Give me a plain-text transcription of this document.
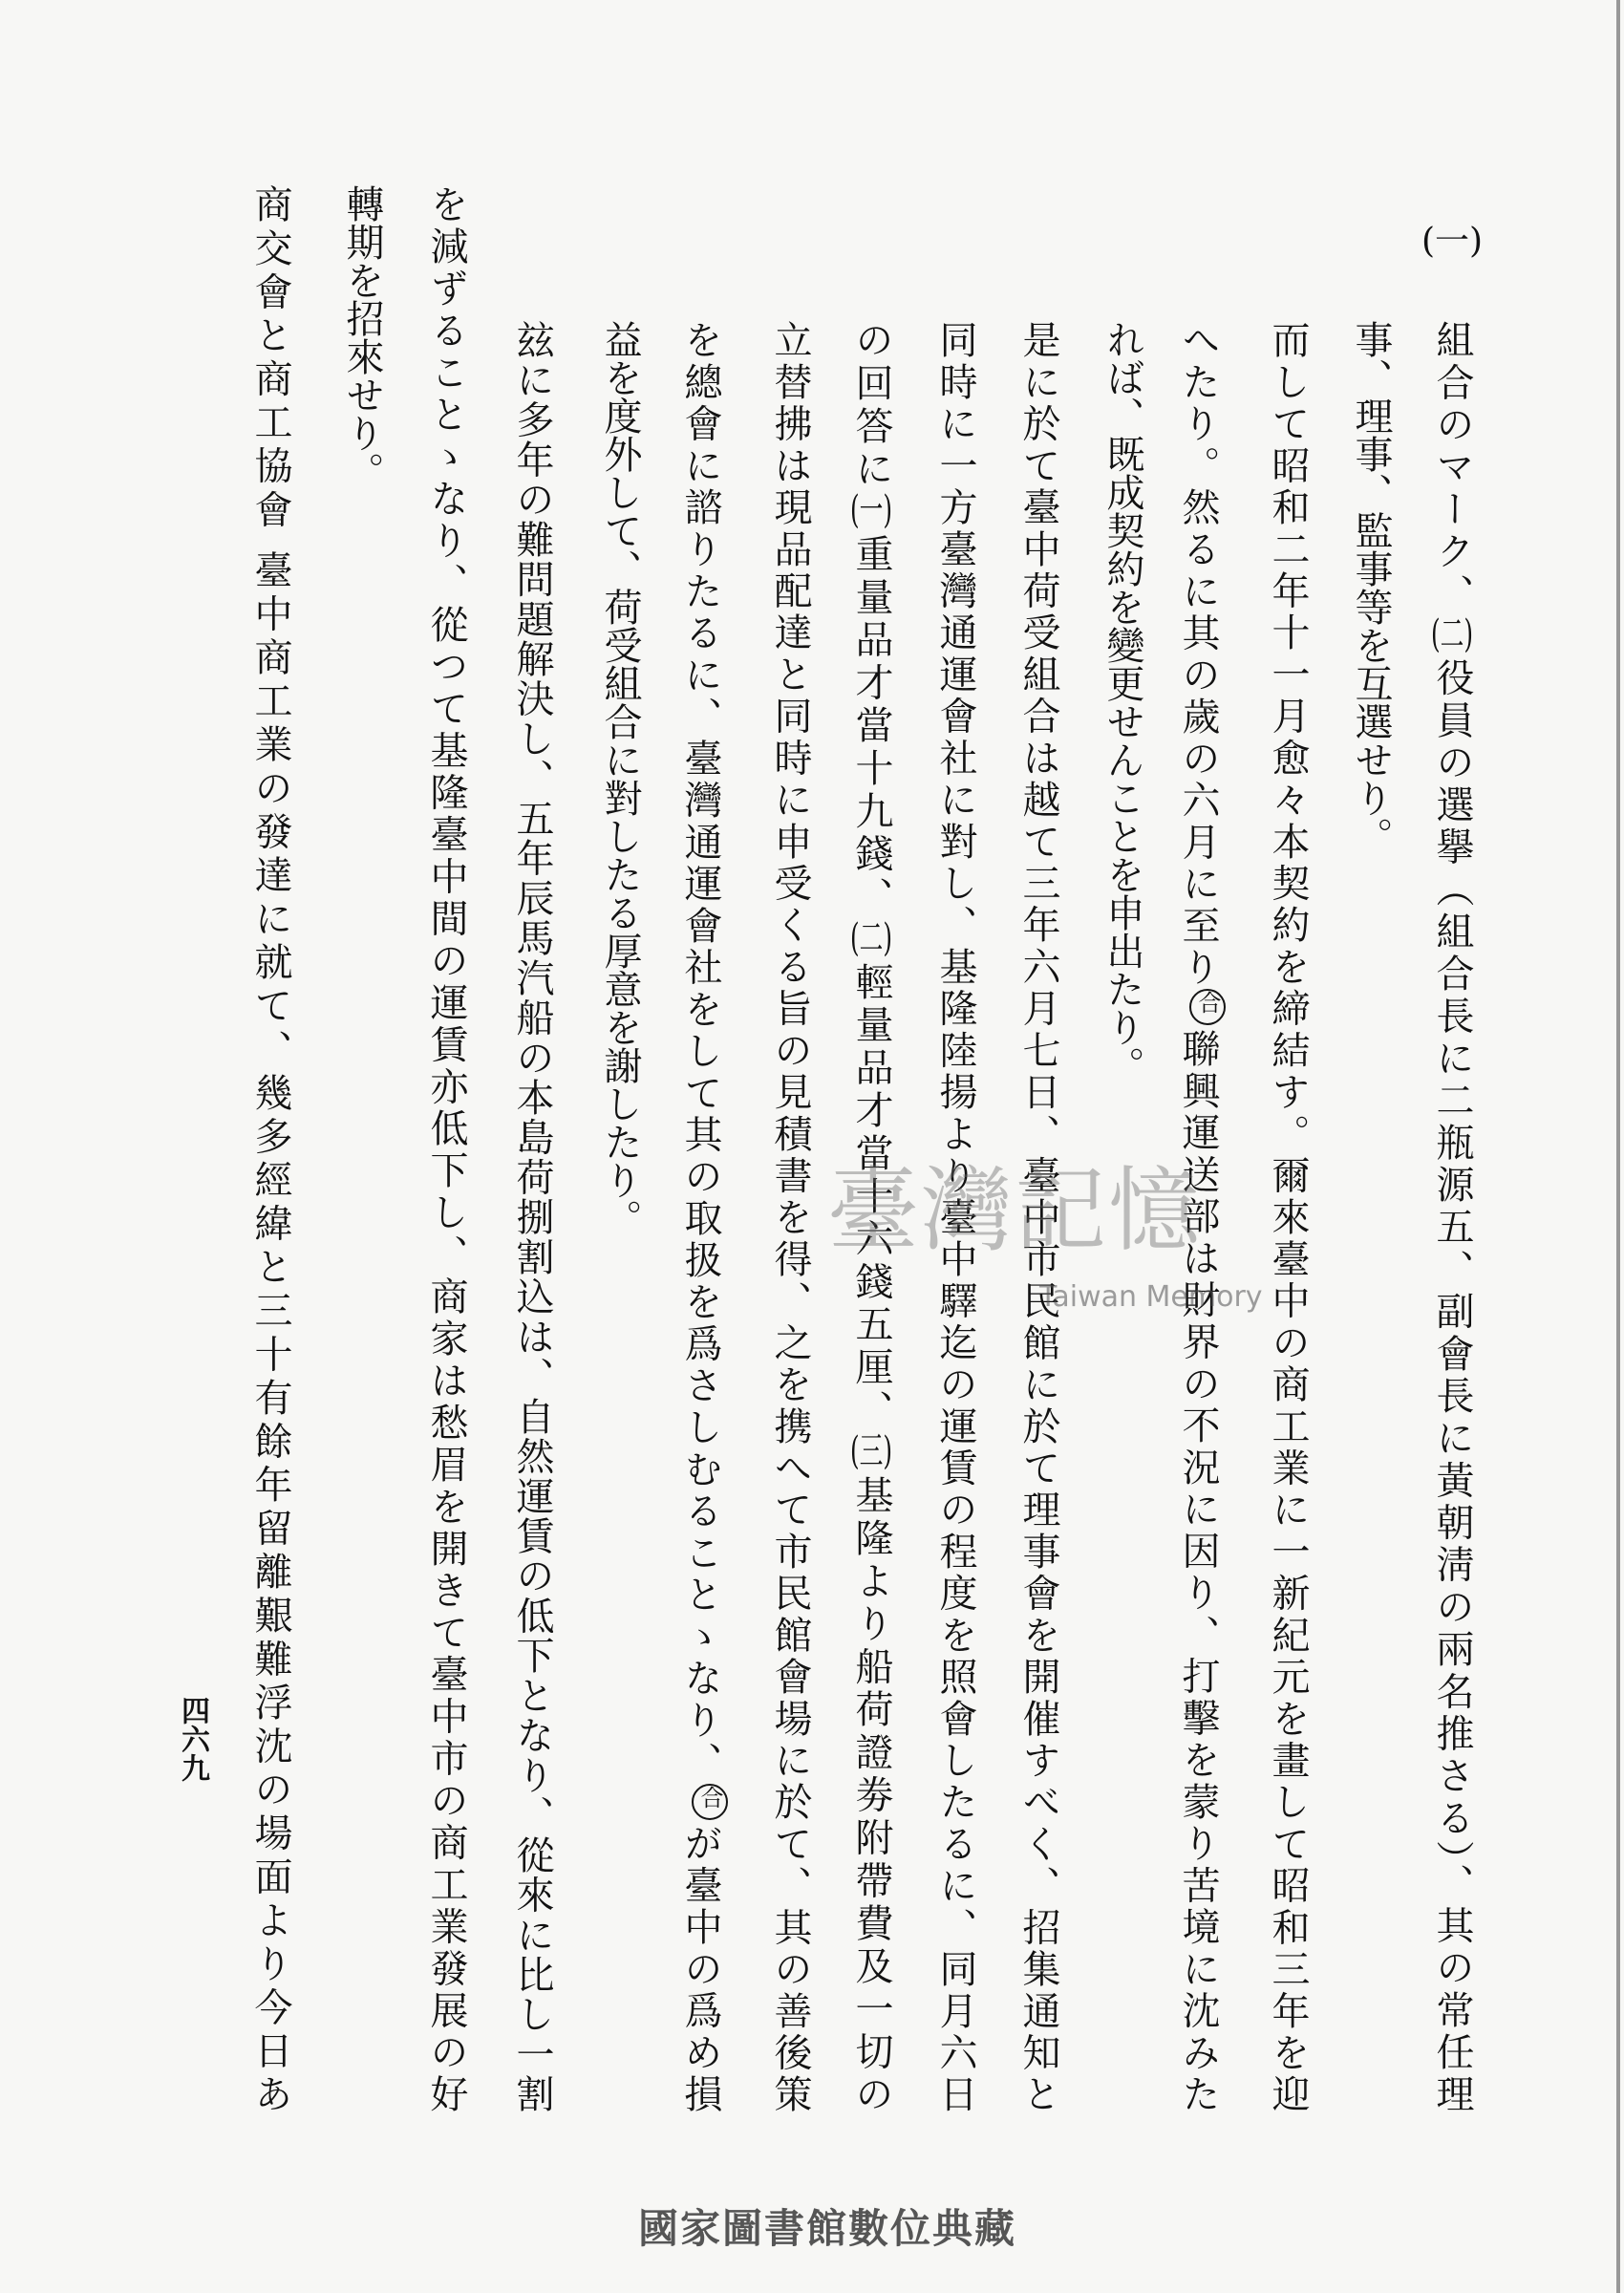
(一)
組合のマーク、(二)役員の選擧（組合長に二瓶源五、副會長に黃朝淸の兩名推さる）、其の常任理
事、理事、監事等を互選せり。
而して昭和二年十一月愈々本契約を締結す。爾來臺中の商工業に一新紀元を畫して昭和三年を迎
へたり。然るに其の歲の六月に至り合聯興運送部は財界の不況に因り、打擊を蒙り苦境に沈みた
れば、既成契約を變更せんことを申出たり。
是に於て臺中荷受組合は越て三年六月七日、臺中市民館に於て理事會を開催すべく、招集通知と
同時に一方臺灣通運會社に對し、基隆陸揚より臺中驛迄の運賃の程度を照會したるに、同月六日
の回答に(一)重量品才當十九錢、(二)輕量品才當十六錢五厘、(三)基隆より船荷證劵附帶費及一切の
立替拂は現品配達と同時に申受くる旨の見積書を得、之を携へて市民館會場に於て、其の善後策
を總會に諮りたるに、臺灣通運會社をして其の取扱を爲さしむることゝなり、合が臺中の爲め損
益を度外して、荷受組合に對したる厚意を謝したり。
玆に多年の難問題解決し、五年辰馬汽船の本島荷捌割込は、自然運賃の低下となり、從來に比し一割
を減ずることゝなり、從つて基隆臺中間の運賃亦低下し、商家は愁眉を開きて臺中市の商工業發展の好
轉期を招來せり。
商交會と商工協會臺中商工業の發達に就て、幾多經緯と三十有餘年留離艱難浮沈の場面より今日あ
四六九
臺灣記憶
Taiwan Memory
國家圖書館數位典藏
